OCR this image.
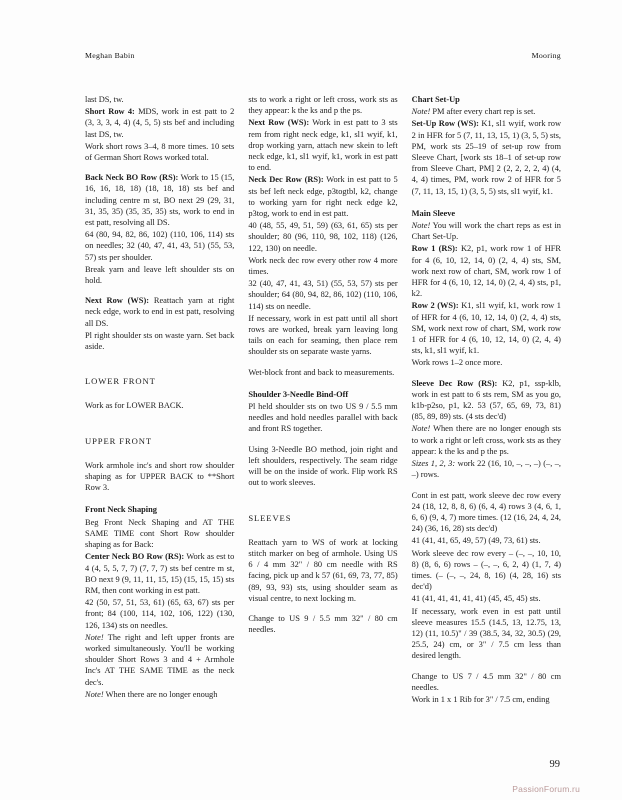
Meghan Babin	Mooring

last DS, tw.

Short Row 4: MDS, work in est patt to 2 (3, 3, 3, 4, 4) (4, 5, 5) sts bef and including last DS, tw.

Work short rows 3–4, 8 more times. 10 sets of German Short Rows worked total.

Back Neck BO Row (RS): Work to 15 (15, 16, 16, 18, 18) (18, 18, 18) sts bef and including centre m st, BO next 29 (29, 31, 31, 35, 35) (35, 35, 35) sts, work to end in est patt, resolving all DS.

64 (80, 94, 82, 86, 102) (110, 106, 114) sts on needles; 32 (40, 47, 41, 43, 51) (55, 53, 57) sts per shoulder.

Break yarn and leave left shoulder sts on hold.

Next Row (WS): Reattach yarn at right neck edge, work to end in est patt, resolving all DS.

Pl right shoulder sts on waste yarn. Set back aside.

LOWER FRONT

Work as for LOWER BACK.

UPPER FRONT

Work armhole inc's and short row shoulder shaping as for UPPER BACK to **Short Row 3.

Front Neck Shaping

Beg Front Neck Shaping and AT THE SAME TIME cont Short Row shoulder shaping as for Back:

Center Neck BO Row (RS): Work as est to 4 (4, 5, 5, 7, 7) (7, 7, 7) sts bef centre m st, BO next 9 (9, 11, 11, 15, 15) (15, 15, 15) sts RM, then cont working in est patt.

42 (50, 57, 51, 53, 61) (65, 63, 67) sts per front; 84 (100, 114, 102, 106, 122) (130, 126, 134) sts on needles.

Note! The right and left upper fronts are worked simultaneously. You'll be working shoulder Short Rows 3 and 4 + Armhole Inc's AT THE SAME TIME as the neck dec's.

Note! When there are no longer enough

sts to work a right or left cross, work sts as they appear: k the ks and p the ps.

Next Row (WS): Work in est patt to 3 sts rem from right neck edge, k1, sl1 wyif, k1, drop working yarn, attach new skein to left neck edge, k1, sl1 wyif, k1, work in est patt to end.

Neck Dec Row (RS): Work in est patt to 5 sts bef left neck edge, p3togtbl, k2, change to working yarn for right neck edge k2, p3tog, work to end in est patt.

40 (48, 55, 49, 51, 59) (63, 61, 65) sts per shoulder; 80 (96, 110, 98, 102, 118) (126, 122, 130) on needle.

Work neck dec row every other row 4 more times.

32 (40, 47, 41, 43, 51) (55, 53, 57) sts per shoulder; 64 (80, 94, 82, 86, 102) (110, 106, 114) sts on needle.

If necessary, work in est patt until all short rows are worked, break yarn leaving long tails on each for seaming, then place rem shoulder sts on separate waste yarns.

Wet-block front and back to measurements.

Shoulder 3-Needle Bind-Off

Pl held shoulder sts on two US 9 / 5.5 mm needles and hold needles parallel with back and front RS together.

Using 3-Needle BO method, join right and left shoulders, respectively. The seam ridge will be on the inside of work. Flip work RS out to work sleeves.

SLEEVES

Reattach yarn to WS of work at locking stitch marker on beg of armhole. Using US 6 / 4 mm 32" / 80 cm needle with RS facing, pick up and k 57 (61, 69, 73, 77, 85) (89, 93, 93) sts, using shoulder seam as visual centre, to next locking m.

Change to US 9 / 5.5 mm 32" / 80 cm needles.

Chart Set-Up

Note! PM after every chart rep is set.

Set-Up Row (WS): K1, sl1 wyif, work row 2 in HFR for 5 (7, 11, 13, 15, 1) (3, 5, 5) sts, PM, work sts 25–19 of set-up row from Sleeve Chart, [work sts 18–1 of set-up row from Sleeve Chart, PM] 2 (2, 2, 2, 2, 4) (4, 4, 4) times, PM, work row 2 of HFR for 5 (7, 11, 13, 15, 1) (3, 5, 5) sts, sl1 wyif, k1.

Main Sleeve

Note! You will work the chart reps as est in Chart Set-Up.

Row 1 (RS): K2, p1, work row 1 of HFR for 4 (6, 10, 12, 14, 0) (2, 4, 4) sts, SM, work next row of chart, SM, work row 1 of HFR for 4 (6, 10, 12, 14, 0) (2, 4, 4) sts, p1, k2.

Row 2 (WS): K1, sl1 wyif, k1, work row 1 of HFR for 4 (6, 10, 12, 14, 0) (2, 4, 4) sts, SM, work next row of chart, SM, work row 1 of HFR for 4 (6, 10, 12, 14, 0) (2, 4, 4) sts, k1, sl1 wyif, k1.

Work rows 1–2 once more.

Sleeve Dec Row (RS): K2, p1, ssp-klb, work in est patt to 6 sts rem, SM as you go, k1b-p2so, p1, k2. 53 (57, 65, 69, 73, 81) (85, 89, 89) sts. (4 sts dec'd)

Note! When there are no longer enough sts to work a right or left cross, work sts as they appear: k the ks and p the ps.

Sizes 1, 2, 3: work 22 (16, 10, –, –, –) (–, –, –) rows.

Cont in est patt, work sleeve dec row every 24 (18, 12, 8, 8, 6) (6, 4, 4) rows 3 (4, 6, 1, 6, 6) (9, 4, 7) more times. (12 (16, 24, 4, 24, 24) (36, 16, 28) sts dec'd)

41 (41, 41, 65, 49, 57) (49, 73, 61) sts.

Work sleeve dec row every – (–, –, 10, 10, 8) (8, 6, 6) rows – (–, –, 6, 2, 4) (1, 7, 4) times. (– (–, –, 24, 8, 16) (4, 28, 16) sts dec'd)

41 (41, 41, 41, 41, 41) (45, 45, 45) sts.

If necessary, work even in est patt until sleeve measures 15.5 (14.5, 13, 12.75, 13, 12) (11, 10.5)" / 39 (38.5, 34, 32, 30.5) (29, 25.5, 24) cm, or 3" / 7.5 cm less than desired length.

Change to US 7 / 4.5 mm 32" / 80 cm needles.

Work in 1 x 1 Rib for 3" / 7.5 cm, ending

99
PassionForum.ru
